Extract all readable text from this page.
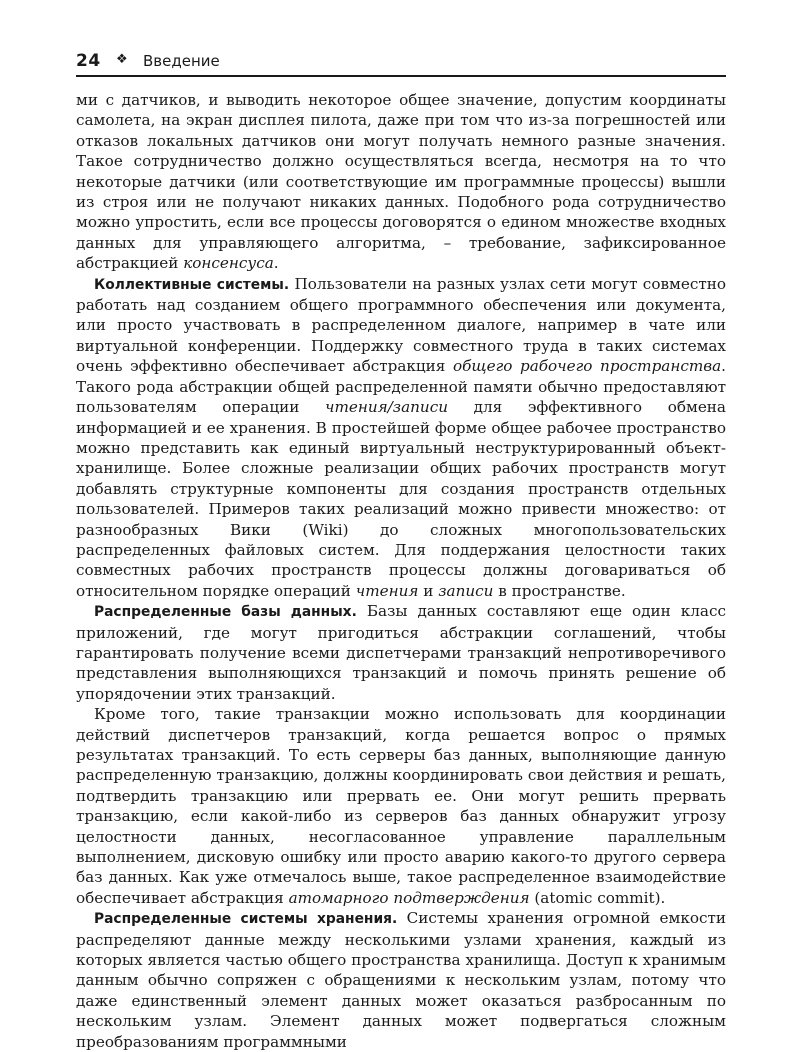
24 ❖ Введение

ми с датчиков, и выводить некоторое общее значение, допустим координаты самолета, на экран дисплея пилота, даже при том что из-за погрешностей или отказов локальных датчиков они могут получать немного разные значения. Такое сотрудничество должно осуществляться всегда, несмотря на то что некоторые датчики (или соответствующие им программные процессы) вышли из строя или не получают никаких данных. Подобного рода сотрудничество можно упростить, если все процессы договорятся о едином множестве входных данных для управляющего алгоритма, – требование, зафиксированное абстракцией консенсуса.

Коллективные системы. Пользователи на разных узлах сети могут совместно работать над созданием общего программного обеспечения или документа, или просто участвовать в распределенном диалоге, например в чате или виртуальной конференции. Поддержку совместного труда в таких системах очень эффективно обеспечивает абстракция общего рабочего пространства. Такого рода абстракции общей распределенной памяти обычно предоставляют пользователям операции чтения/записи для эффективного обмена информацией и ее хранения. В простейшей форме общее рабочее пространство можно представить как единый виртуальный неструктурированный объект-хранилище. Более сложные реализации общих рабочих пространств могут добавлять структурные компоненты для создания пространств отдельных пользователей. Примеров таких реализаций можно привести множество: от разнообразных Вики (Wiki) до сложных многопользовательских распределенных файловых систем. Для поддержания целостности таких совместных рабочих пространств процессы должны договариваться об относительном порядке операций чтения и записи в пространстве.

Распределенные базы данных. Базы данных составляют еще один класс приложений, где могут пригодиться абстракции соглашений, чтобы гарантировать получение всеми диспетчерами транзакций непротиворечивого представления выполняющихся транзакций и помочь принять решение об упорядочении этих транзакций.

Кроме того, такие транзакции можно использовать для координации действий диспетчеров транзакций, когда решается вопрос о прямых результатах транзакций. То есть серверы баз данных, выполняющие данную распределенную транзакцию, должны координировать свои действия и решать, подтвердить транзакцию или прервать ее. Они могут решить прервать транзакцию, если какой-либо из серверов баз данных обнаружит угрозу целостности данных, несогласованное управление параллельным выполнением, дисковую ошибку или просто аварию какого-то другого сервера баз данных. Как уже отмечалось выше, такое распределенное взаимодействие обеспечивает абстракция атомарного подтверждения (atomic commit).

Распределенные системы хранения. Системы хранения огромной емкости распределяют данные между несколькими узлами хранения, каждый из которых является частью общего пространства хранилища. Доступ к хранимым данным обычно сопряжен с обращениями к нескольким узлам, потому что даже единственный элемент данных может оказаться разбросанным по нескольким узлам. Элемент данных может подвергаться сложным преобразованиям программными
